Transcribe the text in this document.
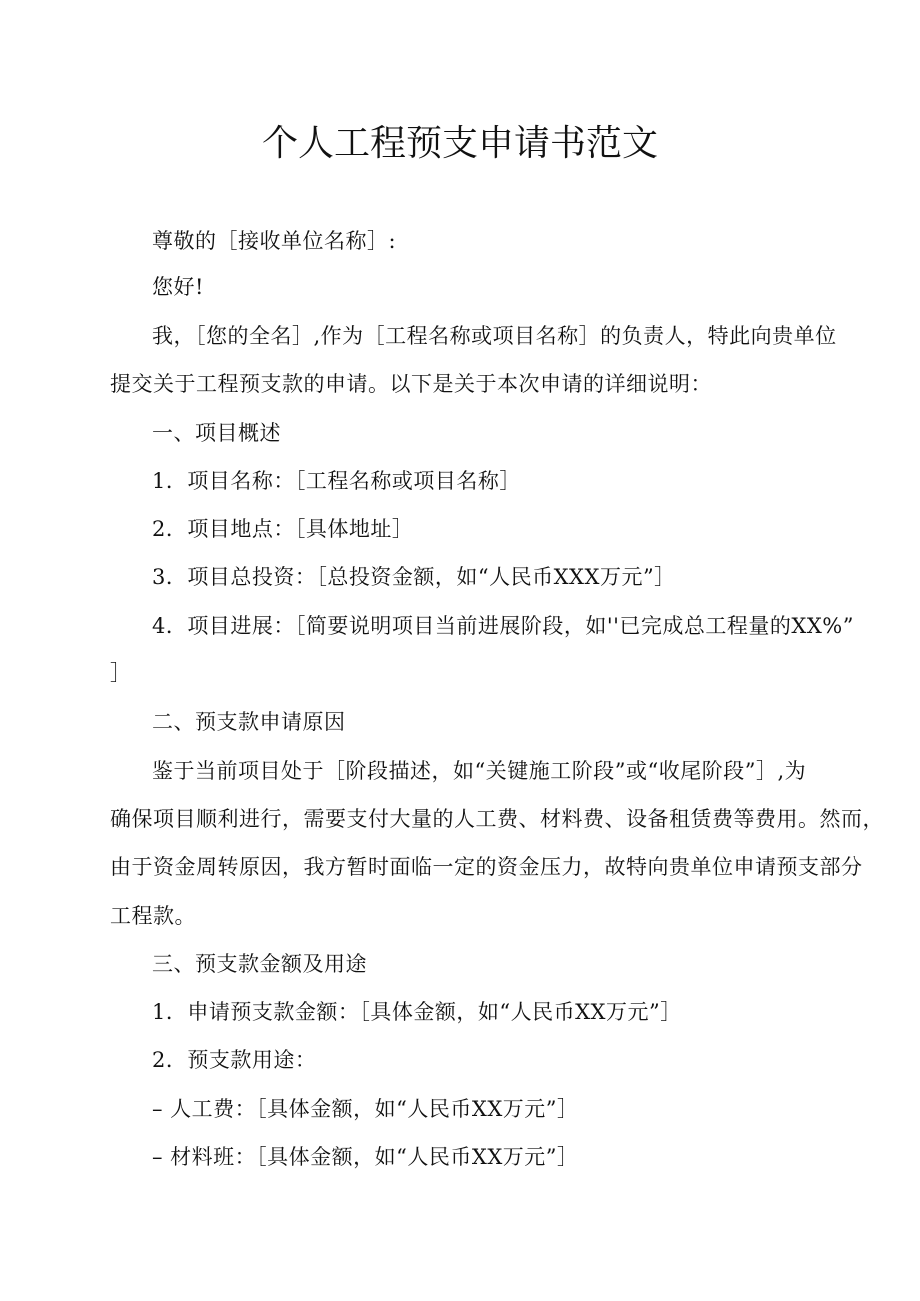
个人工程预支申请书范文
尊敬的［接收单位名称］:
您好!
我，［您的全名］,作为［工程名称或项目名称］的负责人，特此向贵单位
提交关于工程预支款的申请。以下是关于本次申请的详细说明：
一、项目概述
1．项目名称：［工程名称或项目名称］
2．项目地点：［具体地址］
3．项目总投资：［总投资金额，如“人民币XXX万元”］
4．项目进展：［简要说明项目当前进展阶段，如''已完成总工程量的XX%”
］
二、预支款申请原因
鉴于当前项目处于［阶段描述，如“关键施工阶段”或“收尾阶段”］,为
确保项目顺利进行，需要支付大量的人工费、材料费、设备租赁费等费用。然而，
由于资金周转原因，我方暂时面临一定的资金压力，故特向贵单位申请预支部分
工程款。
三、预支款金额及用途
1．申请预支款金额：［具体金额，如“人民币XX万元”］
2．预支款用途：
– 人工费：［具体金额，如“人民币XX万元”］
– 材料班：［具体金额，如“人民币XX万元”］
